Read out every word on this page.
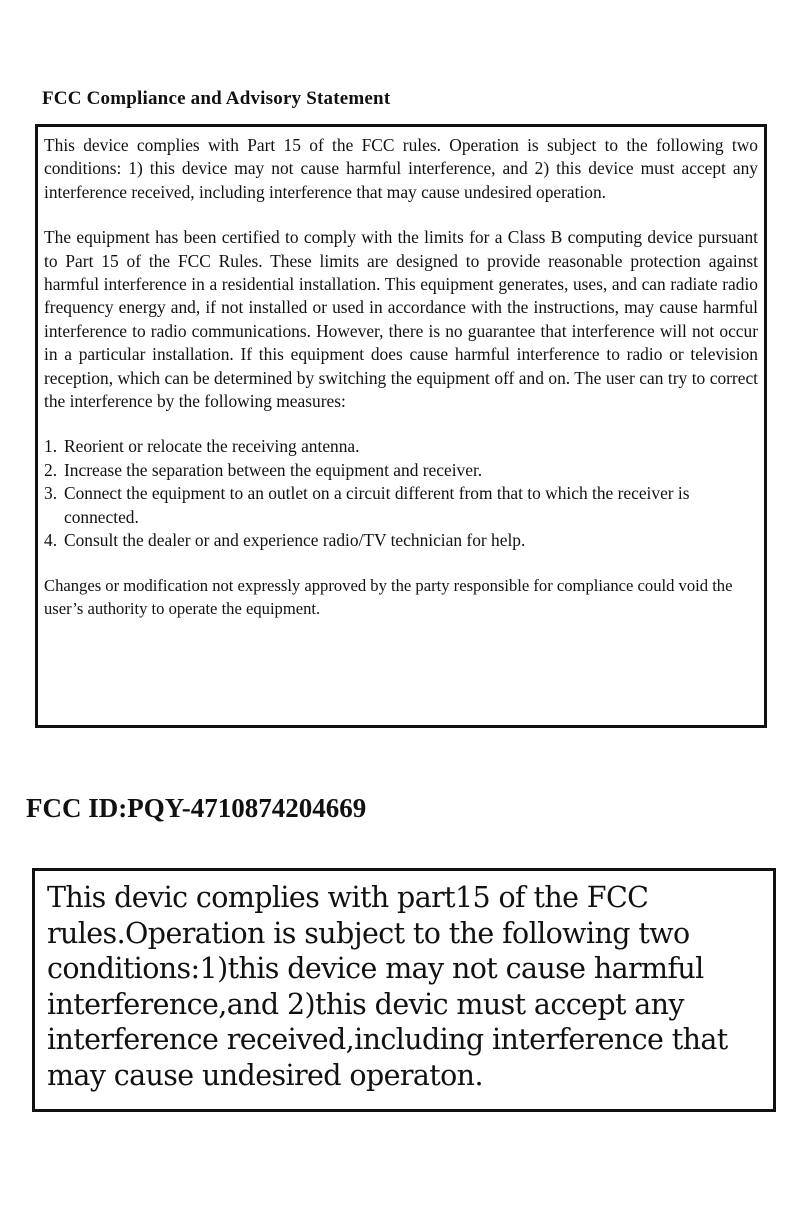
FCC Compliance and Advisory Statement

This device complies with Part 15 of the FCC rules. Operation is subject to the following two conditions: 1) this device may not cause harmful interference, and 2) this device must accept any interference received, including interference that may cause undesired operation.

The equipment has been certified to comply with the limits for a Class B computing device pursuant to Part 15 of the FCC Rules. These limits are designed to provide reasonable protection against harmful interference in a residential installation. This equipment generates, uses, and can radiate radio frequency energy and, if not installed or used in accordance with the instructions, may cause harmful interference to radio communications. However, there is no guarantee that interference will not occur in a particular installation. If this equipment does cause harmful interference to radio or television reception, which can be determined by switching the equipment off and on. The user can try to correct the interference by the following measures:

1. Reorient or relocate the receiving antenna.
2. Increase the separation between the equipment and receiver.
3. Connect the equipment to an outlet on a circuit different from that to which the receiver is connected.
4. Consult the dealer or and experience radio/TV technician for help.

Changes or modification not expressly approved by the party responsible for compliance could void the user’s authority to operate the equipment.

FCC ID:PQY-4710874204669

This devic complies with part15 of the FCC rules.Operation is subject to the following two conditions:1)this device may not cause harmful interference,and 2)this devic must accept any interference received,including interference that may cause undesired operaton.
